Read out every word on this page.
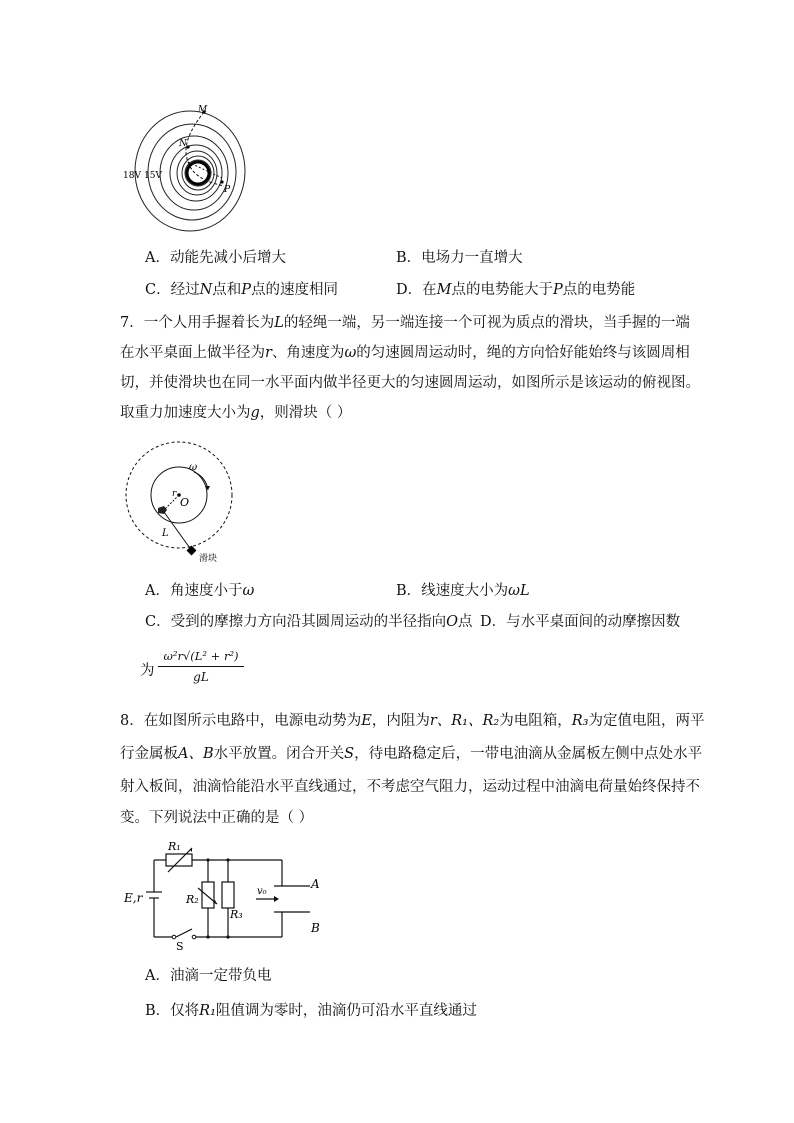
M
N
P
18V 15V
A．动能先减小后增大	B．电场力一直增大
C．经过N点和P点的速度相同	D．在M点的电势能大于P点的电势能
7．一个人用手握着长为L的轻绳一端，另一端连接一个可视为质点的滑块，当手握的一端
在水平桌面上做半径为r、角速度为ω的匀速圆周运动时，绳的方向恰好能始终与该圆周相
切，并使滑块也在同一水平面内做半径更大的匀速圆周运动，如图所示是该运动的俯视图。
取重力加速度大小为g，则滑块（ ）
ω
r
O
L
滑块
A．角速度小于ω	B．线速度大小为ωL
C．受到的摩擦力方向沿其圆周运动的半径指向O点 D．与水平桌面间的动摩擦因数
为
ω²r√(L² + r²)
gL
8．在如图所示电路中，电源电动势为E，内阻为r、R₁、R₂为电阻箱，R₃为定值电阻，两平
行金属板A、B水平放置。闭合开关S，待电路稳定后，一带电油滴从金属板左侧中点处水平
射入板间，油滴恰能沿水平直线通过，不考虑空气阻力，运动过程中油滴电荷量始终保持不
变。下列说法中正确的是（ ）
R₁
R₂
R₃
E,r	v₀
A
B
S
A．油滴一定带负电
B．仅将R₁阻值调为零时，油滴仍可沿水平直线通过
